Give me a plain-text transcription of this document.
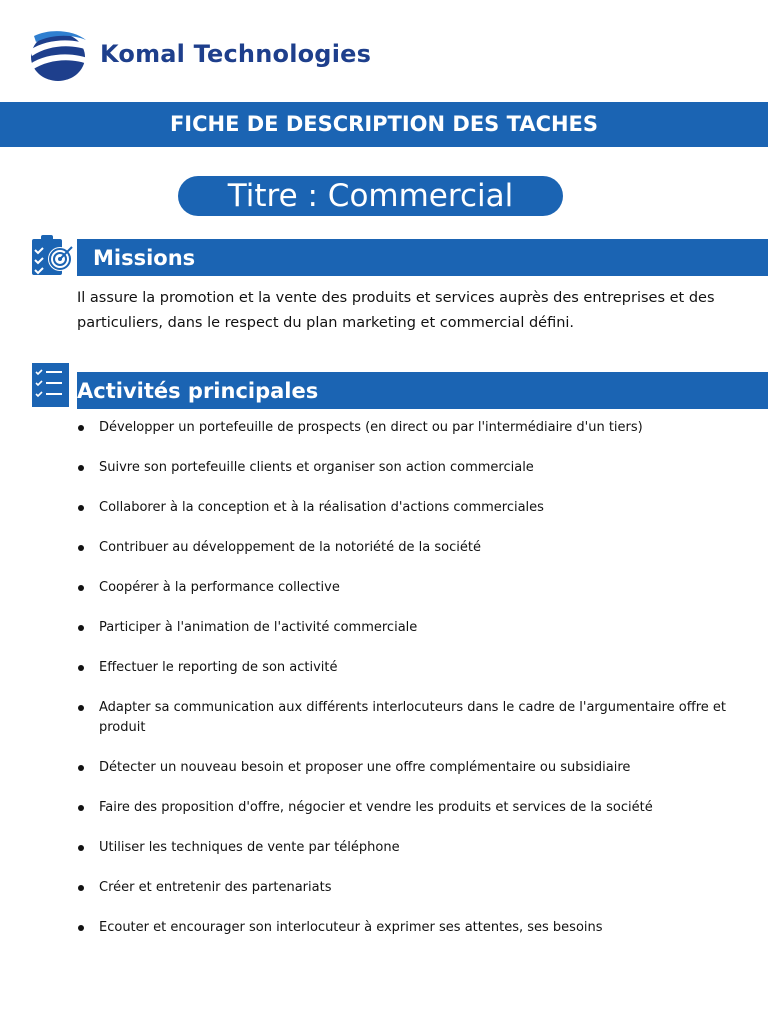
Komal Technologies
FICHE DE DESCRIPTION DES TACHES
Titre : Commercial
Missions

Il assure la promotion et la vente des produits et services auprès des entreprises et des particuliers, dans le respect du plan marketing et commercial défini.

Activités principales
Développer un portefeuille de prospects (en direct ou par l'intermédiaire d'un tiers)
Suivre son portefeuille clients et organiser son action commerciale
Collaborer à la conception et à la réalisation d'actions commerciales
Contribuer au développement de la notoriété de la société
Coopérer à la performance collective
Participer à l'animation de l'activité commerciale
Effectuer le reporting de son activité
Adapter sa communication aux différents interlocuteurs dans le cadre de l'argumentaire offre et produit
Détecter un nouveau besoin et proposer une offre complémentaire ou subsidiaire
Faire des proposition d'offre, négocier et vendre les produits et services de la société
Utiliser les techniques de vente par téléphone
Créer et entretenir des partenariats
Ecouter et encourager son interlocuteur à exprimer ses attentes, ses besoins
